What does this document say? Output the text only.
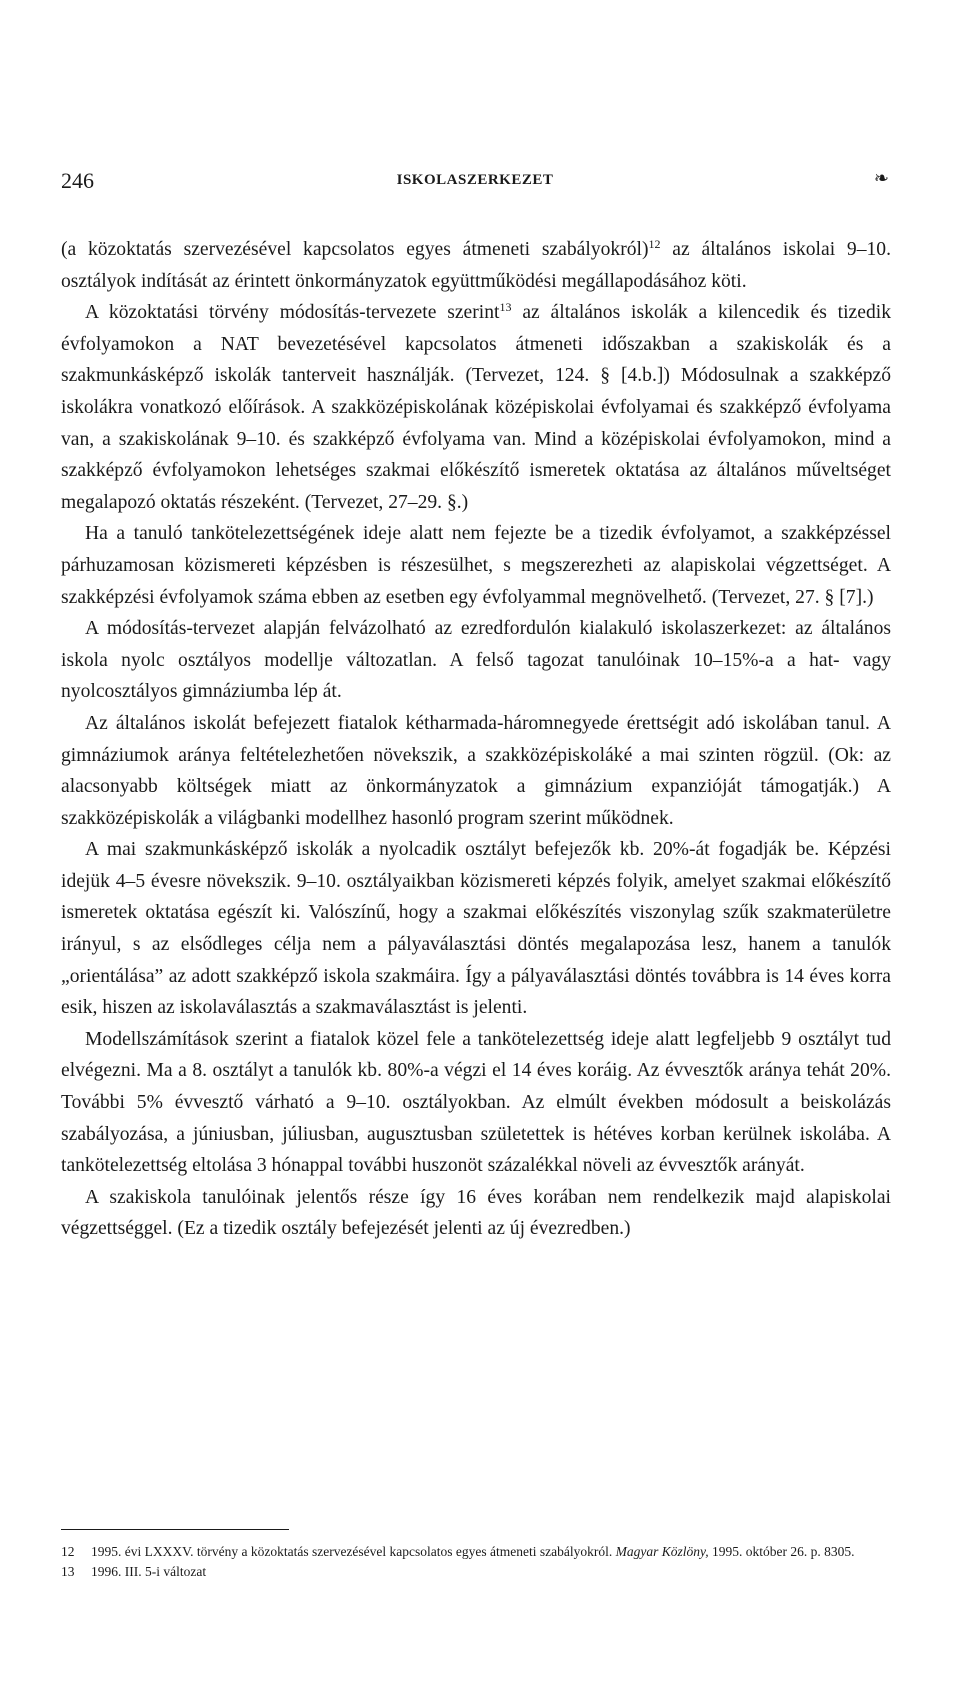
246	ISKOLASZERKEZET	❧

(a közoktatás szervezésével kapcsolatos egyes átmeneti szabályokról)$^{12}$ az általános iskolai 9–10. osztályok indítását az érintett önkormányzatok együttműködési megállapodásához köti.

A közoktatási törvény módosítás-tervezete szerint$^{13}$ az általános iskolák a kilencedik és tizedik évfolyamokon a NAT bevezetésével kapcsolatos átmeneti időszakban a szakiskolák és a szakmunkásképző iskolák tanterveit használják. (Tervezet, 124. § [4.b.]) Módosulnak a szakképző iskolákra vonatkozó előírások. A szakközépiskolának középiskolai évfolyamai és szakképző évfolyama van, a szakiskolának 9–10. és szakképző évfolyama van. Mind a középiskolai évfolyamokon, mind a szakképző évfolyamokon lehetséges szakmai előkészítő ismeretek oktatása az általános műveltséget megalapozó oktatás részeként. (Tervezet, 27–29. §.)

Ha a tanuló tankötelezettségének ideje alatt nem fejezte be a tizedik évfolyamot, a szakképzéssel párhuzamosan közismereti képzésben is részesülhet, s megszerezheti az alapiskolai végzettséget. A szakképzési évfolyamok száma ebben az esetben egy évfolyammal megnövelhető. (Tervezet, 27. § [7].)

A módosítás-tervezet alapján felvázolható az ezredfordulón kialakuló iskolaszerkezet: az általános iskola nyolc osztályos modellje változatlan. A felső tagozat tanulóinak 10–15%-a a hat- vagy nyolcosztályos gimnáziumba lép át.

Az általános iskolát befejezett fiatalok kétharmada-háromnegyede érettségit adó iskolában tanul. A gimnáziumok aránya feltételezhetően növekszik, a szakközépiskoláké a mai szinten rögzül. (Ok: az alacsonyabb költségek miatt az önkormányzatok a gimnázium expanzióját támogatják.) A szakközépiskolák a világbanki modellhez hasonló program szerint működnek.

A mai szakmunkásképző iskolák a nyolcadik osztályt befejezők kb. 20%-át fogadják be. Képzési idejük 4–5 évesre növekszik. 9–10. osztályaikban közismereti képzés folyik, amelyet szakmai előkészítő ismeretek oktatása egészít ki. Valószínű, hogy a szakmai előkészítés viszonylag szűk szakmaterületre irányul, s az elsődleges célja nem a pályaválasztási döntés megalapozása lesz, hanem a tanulók „orientálása” az adott szakképző iskola szakmáira. Így a pályaválasztási döntés továbbra is 14 éves korra esik, hiszen az iskolaválasztás a szakmaválasztást is jelenti.

Modellszámítások szerint a fiatalok közel fele a tankötelezettség ideje alatt legfeljebb 9 osztályt tud elvégezni. Ma a 8. osztályt a tanulók kb. 80%-a végzi el 14 éves koráig. Az évvesztők aránya tehát 20%. További 5% évvesztő várható a 9–10. osztályokban. Az elmúlt években módosult a beiskolázás szabályozása, a júniusban, júliusban, augusztusban születettek is hétéves korban kerülnek iskolába. A tankötelezettség eltolása 3 hónappal további huszonöt százalékkal növeli az évvesztők arányát.

A szakiskola tanulóinak jelentős része így 16 éves korában nem rendelkezik majd alapiskolai végzettséggel. (Ez a tizedik osztály befejezését jelenti az új évezredben.)

12 1995. évi LXXXV. törvény a közoktatás szervezésével kapcsolatos egyes átmeneti szabályokról. Magyar Közlöny, 1995. október 26. p. 8305.

13 1996. III. 5-i változat
